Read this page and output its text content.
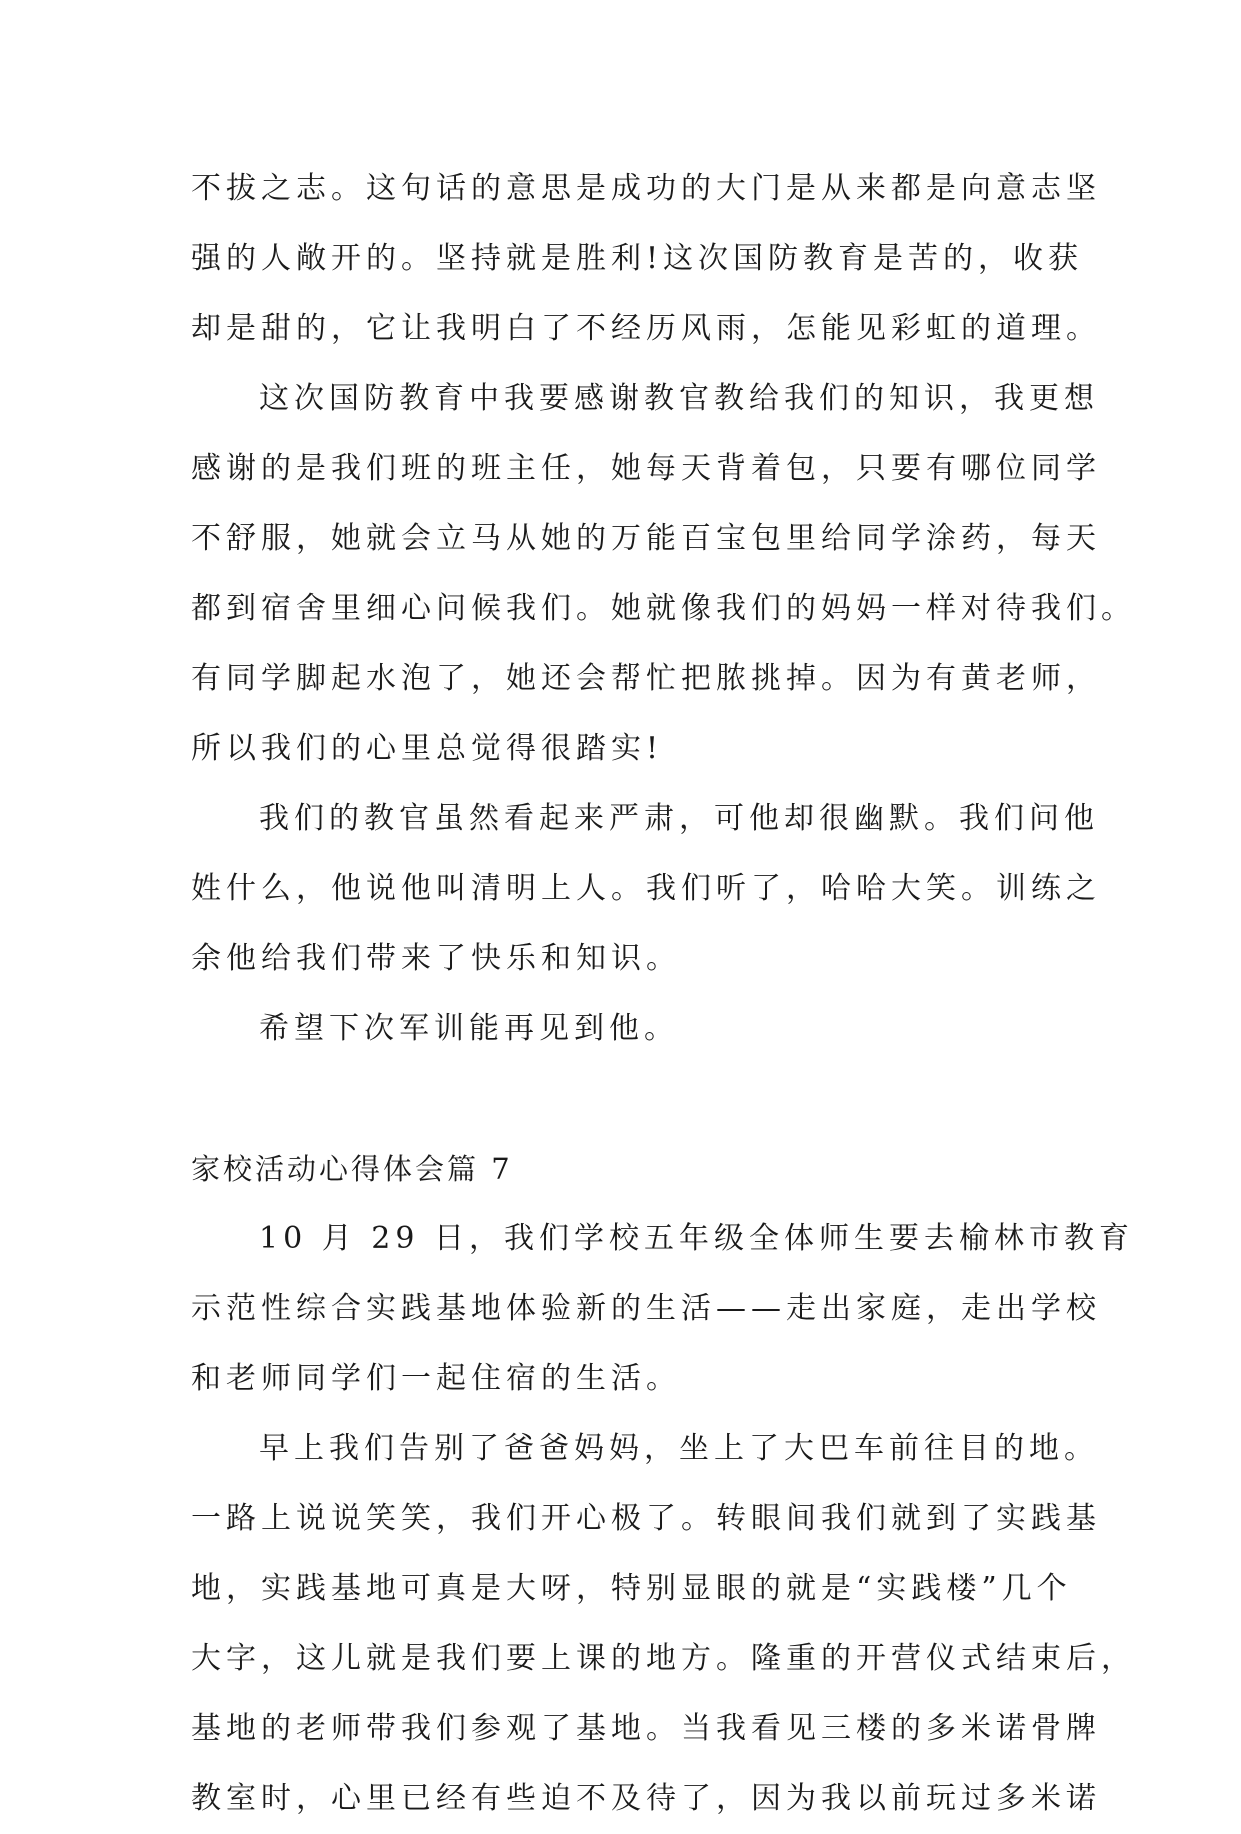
不拔之志。这句话的意思是成功的大门是从来都是向意志坚
强的人敞开的。坚持就是胜利!这次国防教育是苦的，收获
却是甜的，它让我明白了不经历风雨，怎能见彩虹的道理。
这次国防教育中我要感谢教官教给我们的知识，我更想
感谢的是我们班的班主任，她每天背着包，只要有哪位同学
不舒服，她就会立马从她的万能百宝包里给同学涂药，每天
都到宿舍里细心问候我们。她就像我们的妈妈一样对待我们。
有同学脚起水泡了，她还会帮忙把脓挑掉。因为有黄老师，
所以我们的心里总觉得很踏实!
我们的教官虽然看起来严肃，可他却很幽默。我们问他
姓什么，他说他叫清明上人。我们听了，哈哈大笑。训练之
余他给我们带来了快乐和知识。
希望下次军训能再见到他。
家校活动心得体会篇 7
10 月 29 日，我们学校五年级全体师生要去榆林市教育
示范性综合实践基地体验新的生活——走出家庭，走出学校
和老师同学们一起住宿的生活。
早上我们告别了爸爸妈妈，坐上了大巴车前往目的地。
一路上说说笑笑，我们开心极了。转眼间我们就到了实践基
地，实践基地可真是大呀，特别显眼的就是“实践楼”几个
大字，这儿就是我们要上课的地方。隆重的开营仪式结束后，
基地的老师带我们参观了基地。当我看见三楼的多米诺骨牌
教室时，心里已经有些迫不及待了，因为我以前玩过多米诺
